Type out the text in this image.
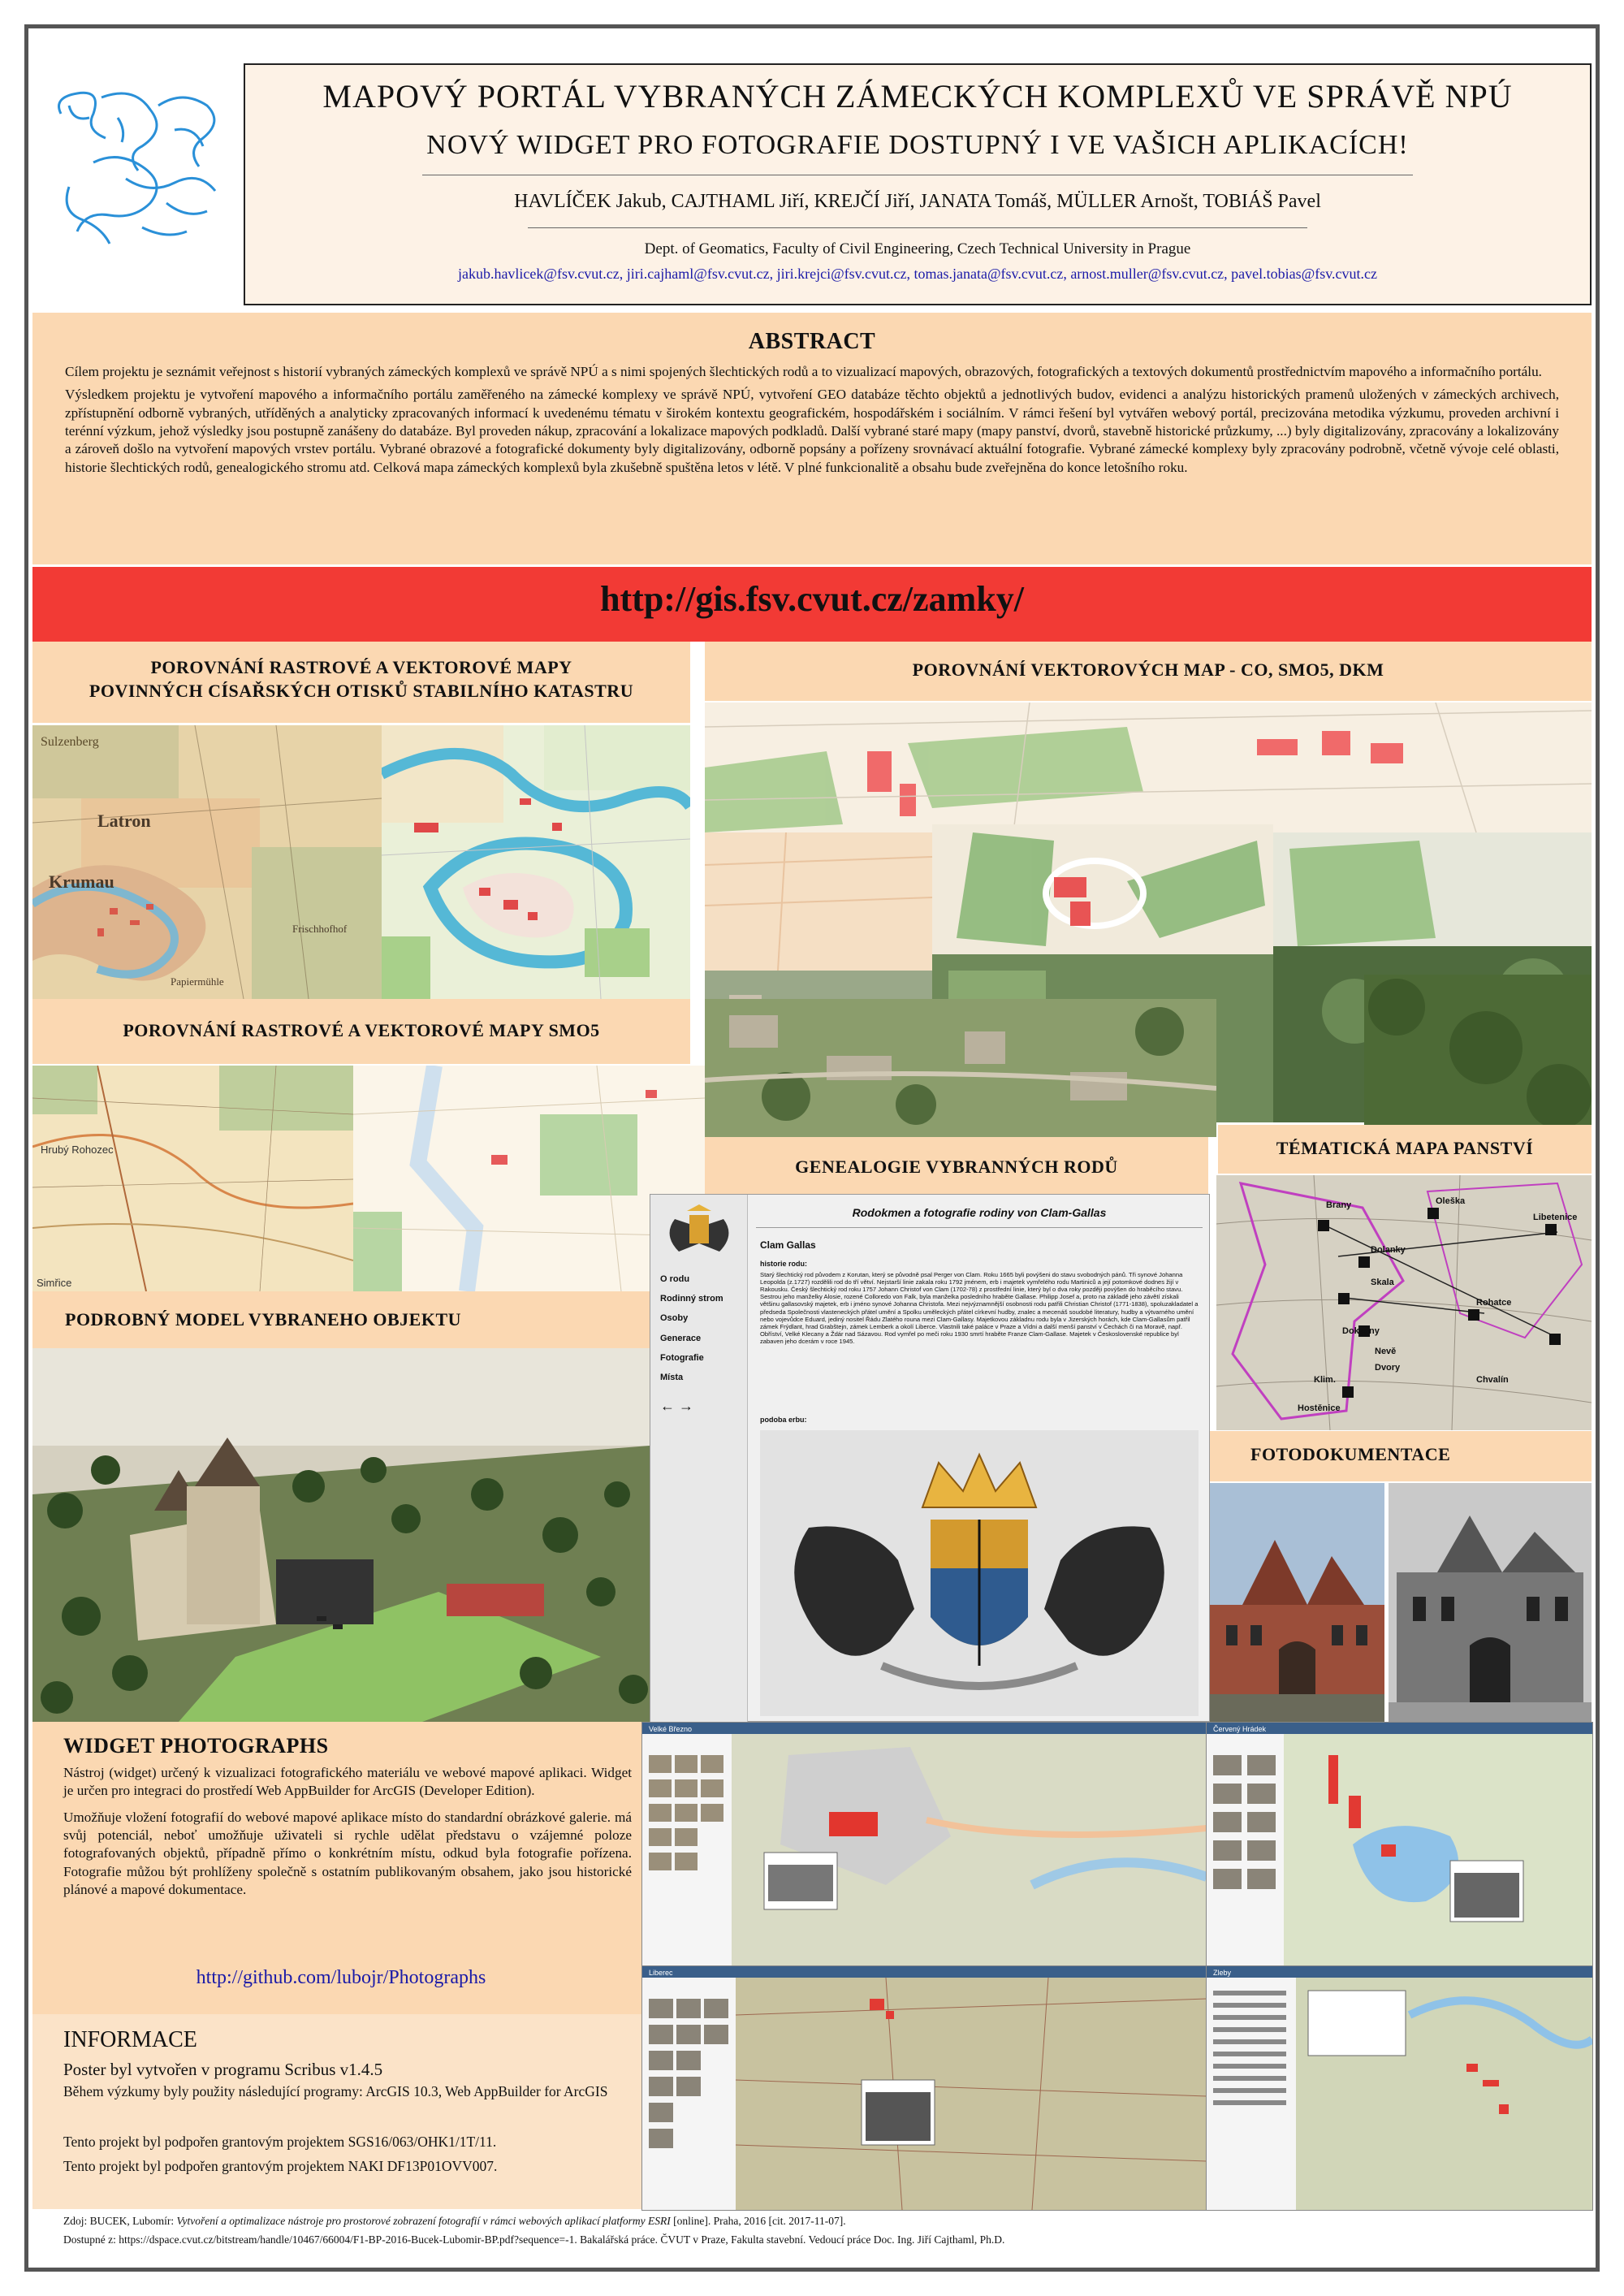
MAPOVÝ PORTÁL VYBRANÝCH ZÁMECKÝCH KOMPLEXŮ VE SPRÁVĚ NPÚ
NOVÝ WIDGET PRO FOTOGRAFIE DOSTUPNÝ I VE VAŠICH APLIKACÍCH!
HAVLÍČEK Jakub, CAJTHAML Jiří, KREJČÍ Jiří, JANATA Tomáš, MÜLLER Arnošt, TOBIÁŠ Pavel
Dept. of Geomatics, Faculty of Civil Engineering, Czech Technical University in Prague
jakub.havlicek@fsv.cvut.cz, jiri.cajhaml@fsv.cvut.cz, jiri.krejci@fsv.cvut.cz, tomas.janata@fsv.cvut.cz, arnost.muller@fsv.cvut.cz, pavel.tobias@fsv.cvut.cz
ABSTRACT

Cílem projektu je seznámit veřejnost s historií vybraných zámeckých komplexů ve správě NPÚ a s nimi spojených šlechtických rodů a to vizualizací mapových, obrazových, fotografických a textových dokumentů prostřednictvím mapového a informačního portálu.

Výsledkem projektu je vytvoření mapového a informačního portálu zaměřeného na zámecké komplexy ve správě NPÚ, vytvoření GEO databáze těchto objektů a jednotlivých budov, evidenci a analýzu historických pramenů uložených v zámeckých archivech, zpřístupnění odborně vybraných, utříděných a analyticky zpracovaných informací k uvedenému tématu v širokém kontextu geografickém, hospodářském i sociálním. V rámci řešení byl vytvářen webový portál, precizována metodika výzkumu, proveden archivní i terénní výzkum, jehož výsledky jsou postupně zanášeny do databáze. Byl proveden nákup, zpracování a lokalizace mapových podkladů. Další vybrané staré mapy (mapy panství, dvorů, stavebně historické průzkumy, ...) byly digitalizovány, zpracovány a lokalizovány a zároveň došlo na vytvoření mapových vrstev portálu. Vybrané obrazové a fotografické dokumenty byly digitalizovány, odborně popsány a pořízeny srovnávací aktuální fotografie. Vybrané zámecké komplexy byly zpracovány podrobně, včetně vývoje celé oblasti, historie šlechtických rodů, genealogického stromu atd. Celková mapa zámeckých komplexů byla zkušebně spuštěna letos v létě. V plné funkcionalitě a obsahu bude zveřejněna do konce letošního roku.

http://gis.fsv.cvut.cz/zamky/
POROVNÁNÍ RASTROVÉ A VEKTOROVÉ MAPY
POVINNÝCH CÍSAŘSKÝCH OTISKŮ STABILNÍHO KATASTRU
Sulzenberg
Latron
Krumau
Frischhofhof
Papiermühle
POROVNÁNÍ VEKTOROVÝCH MAP - CO, SMO5, DKM
POROVNÁNÍ RASTROVÉ A VEKTOROVÉ MAPY SMO5
Hrubý Rohozec
Simřice
GENEALOGIE VYBRANNÝCH RODŮ
TÉMATICKÁ MAPA PANSTVÍ
O rodu
Rodinný strom
Osoby
Generace
Fotografie
Místa
← →
Rodokmen a fotografie rodiny von Clam-Gallas
Clam Gallas
historie rodu:
Starý šlechtický rod původem z Korutan, který se původně psal Perger von Clam. Roku 1665 byli povýšeni do stavu svobodných pánů. Tři synové Johanna Leopolda (z.1727) rozdělili rod do tří větví. Nejstarší linie zakala roku 1792 jménem, erb i majetek vymřelého rodu Martiniců a její potomkové dodnes žijí v Rakousku. Český šlechtický rod roku 1757 Johann Christof von Clam (1702-78) z prostřední linie, který byl o dva roky později povýšen do hraběcího stavu. Sestrou jeho manželky Alosie, rozené Colloredo von Falk, byla manželka posledního hraběte Gallase. Philipp Josef a, proto na základě jeho závětí získali většinu gallasovský majetek, erb i jméno synové Johanna Christofa. Mezi nejvýznamnější osobnosti rodu patřili Christian Christof (1771-1838), spoluzakladatel a předseda Společnosti vlasteneckých přátel umění a Spolku uměleckých přátel církevní hudby, znalec a mecenáš soudobé literatury, hudby a výtvarného umění nebo vojevůdce Eduard, jediný nositel Řádu Zlatého rouna mezi Clam-Gallasy. Majetkovou základnu rodu byla v Jizerských horách, kde Clam-Gallasům patřil zámek Frýdlant, hrad Grabštejn, zámek Lemberk a okolí Liberce. Vlastnili také paláce v Praze a Vídni a další menší panství v Čechách či na Moravě, např. Obříství, Velké Klecany a Ždár nad Sázavou. Rod vymřel po meči roku 1930 smrtí hraběte Franze Clam-Gallase. Majetek v Československé republice byl zabaven jeho dcerám v roce 1945.
podoba erbu:
Brany
Dolanky
Oleška
Libetenice
Skala
Rohatce
Doksany
Nevě
Dvory
Klim.
Hostěnice
Chvalín
FOTODOKUMENTACE
PODROBNÝ MODEL VYBRANEHO OBJEKTU
WIDGET PHOTOGRAPHS

Nástroj (widget) určený k vizualizaci fotografického materiálu ve webové mapové aplikaci. Widget je určen pro integraci do prostředí Web AppBuilder for ArcGIS (Developer Edition).

Umožňuje vložení fotografií do webové mapové aplikace místo do standardní obrázkové galerie. má svůj potenciál, neboť umožňuje uživateli si rychle udělat představu o vzájemné poloze fotografovaných objektů, případně přímo o konkrétním místu, odkud byla fotografie pořízena. Fotografie můžou být prohlíženy společně s ostatním publikovaným obsahem, jako jsou historické plánové a mapové dokumentace.

http://github.com/lubojr/Photographs
Velké Březno	Červený Hrádek
Liberec	Zleby
INFORMACE
Poster byl vytvořen v programu Scribus v1.4.5
Během výzkumy byly použity následující programy: ArcGIS 10.3, Web AppBuilder for ArcGIS
Tento projekt byl podpořen grantovým projektem SGS16/063/OHK1/1T/11.
Tento projekt byl podpořen grantovým projektem NAKI DF13P01OVV007.
Zdoj: BUCEK, Lubomír: Vytvoření a optimalizace nástroje pro prostorové zobrazení fotografií v rámci webových aplikací platformy ESRI [online]. Praha, 2016 [cit. 2017-11-07].
Dostupné z: https://dspace.cvut.cz/bitstream/handle/10467/66004/F1-BP-2016-Bucek-Lubomir-BP.pdf?sequence=-1. Bakalářská práce. ČVUT v Praze, Fakulta stavební. Vedoucí práce Doc. Ing. Jiří Cajthaml, Ph.D.
